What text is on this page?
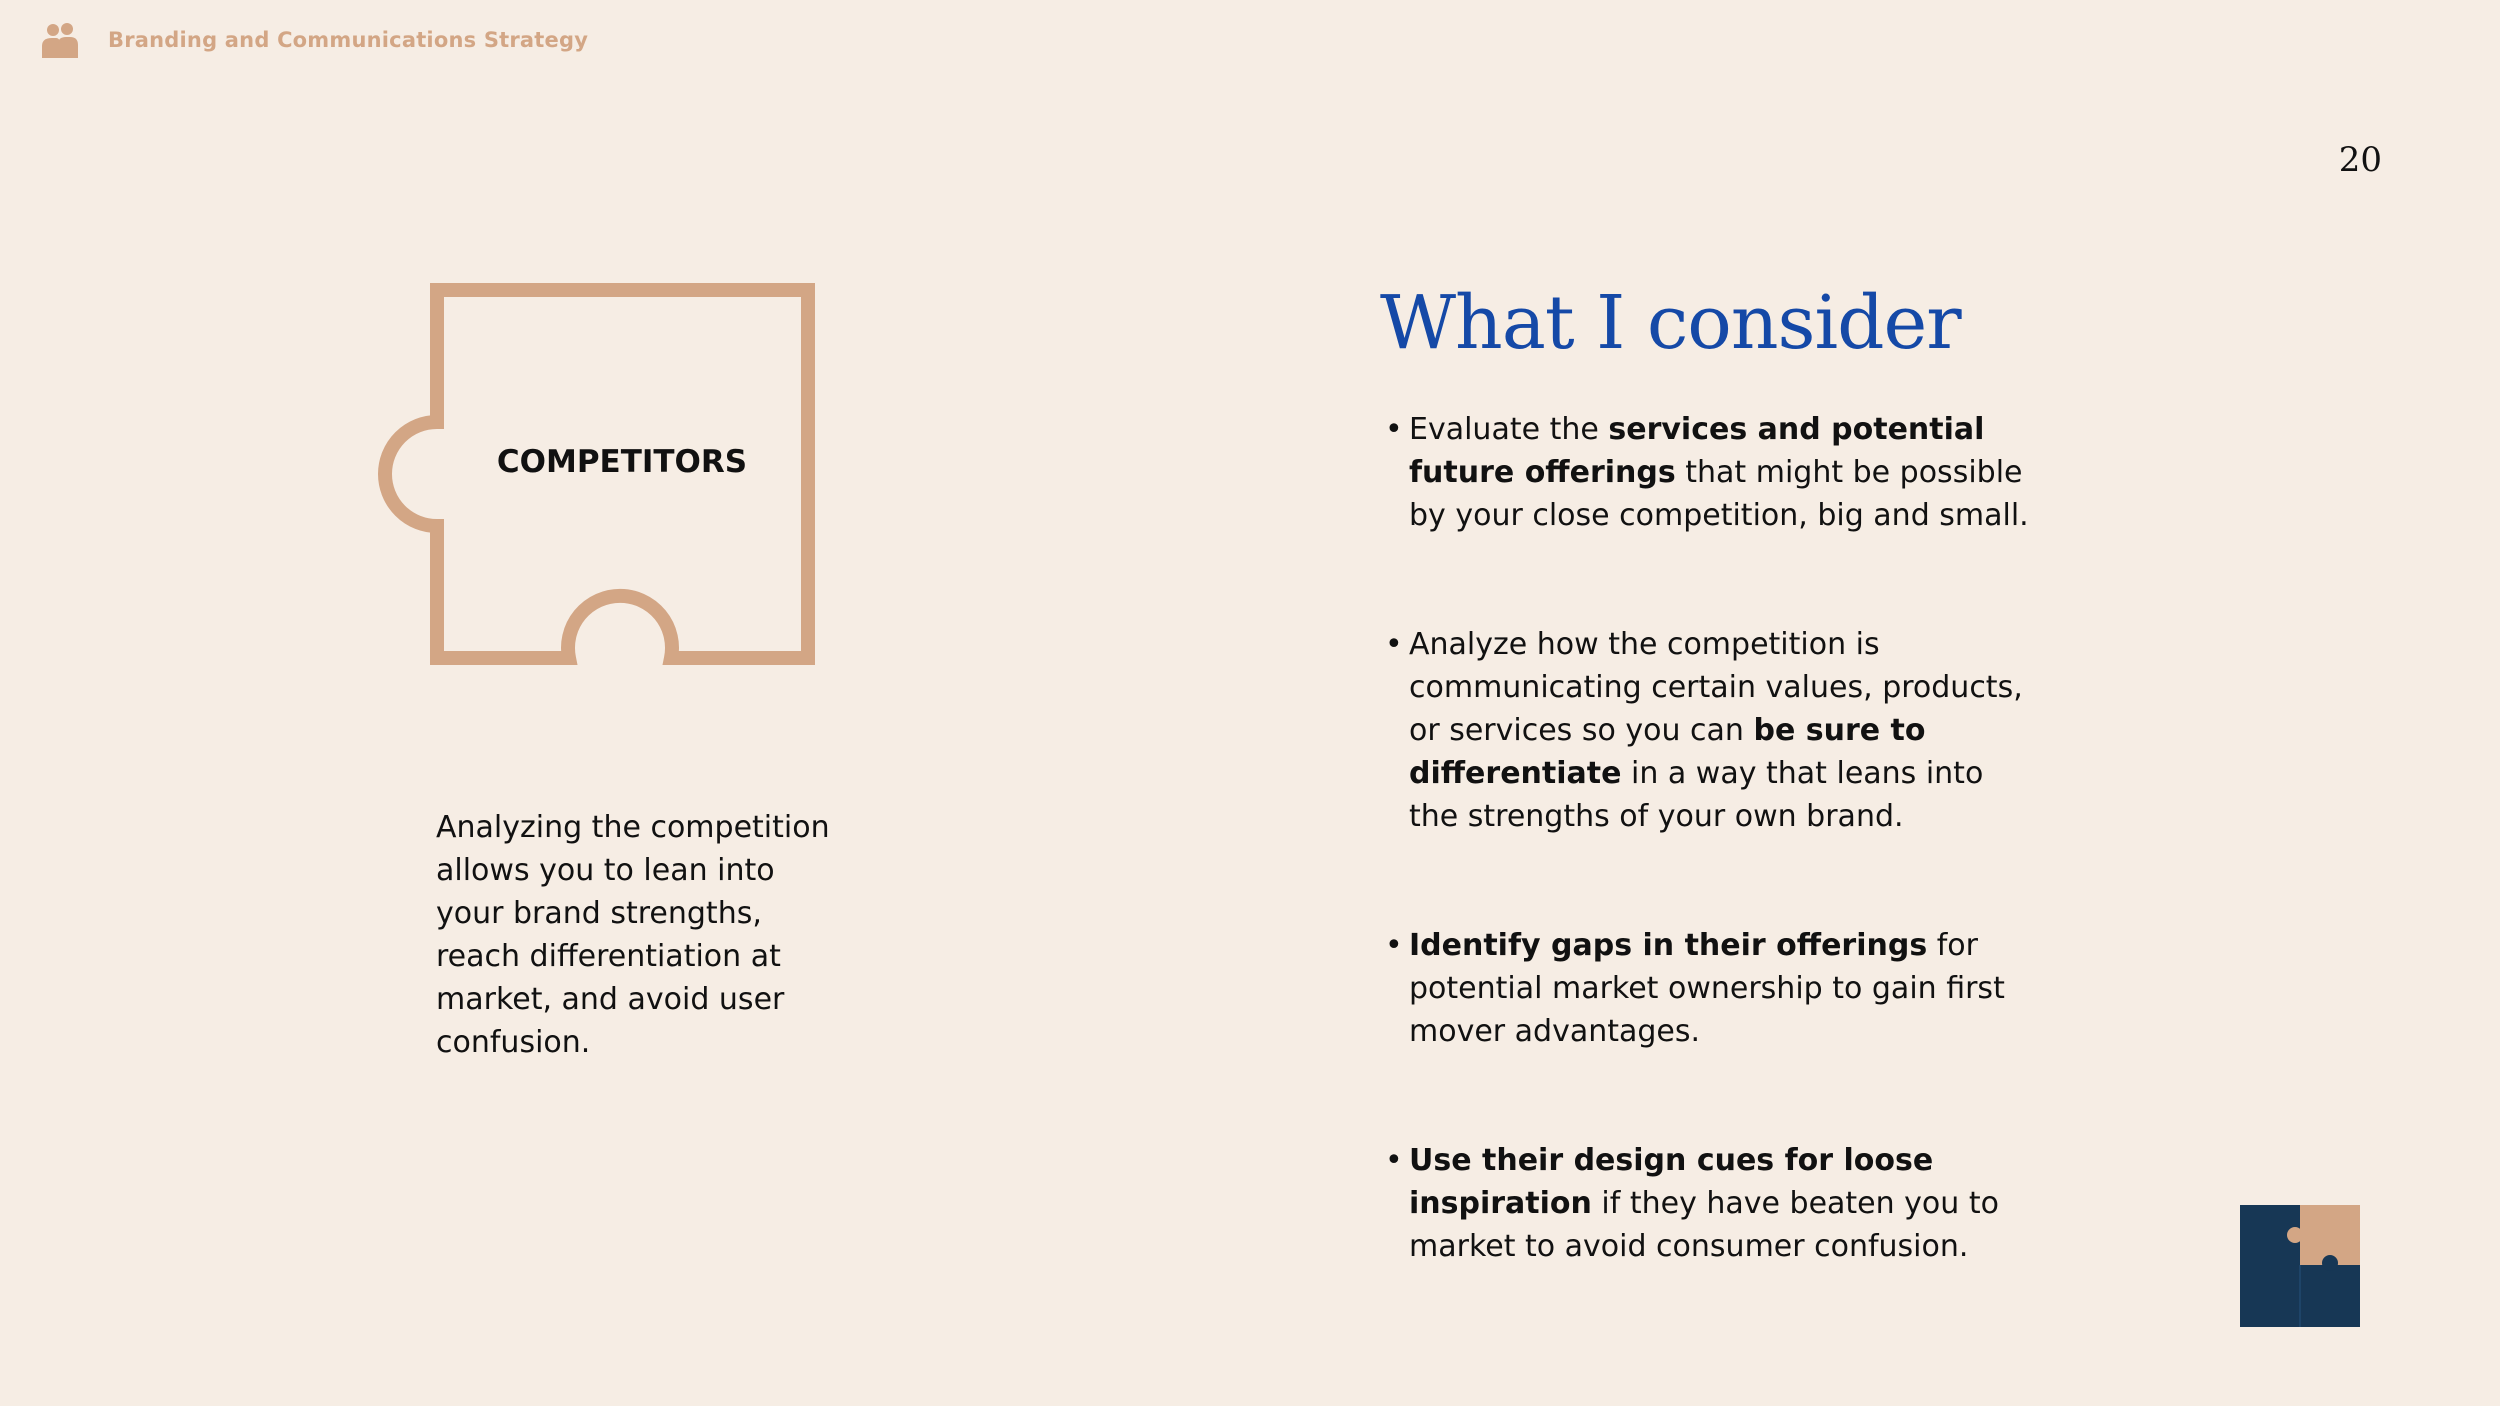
Branding and Communications Strategy
20
COMPETITORS
Analyzing the competition allows you to lean into your brand strengths, reach differentiation at market, and avoid user confusion.
What I consider
• Evaluate the services and potential future offerings that might be possible by your close competition, big and small.
• Analyze how the competition is communicating certain values, products, or services so you can be sure to differentiate in a way that leans into the strengths of your own brand.
• Identify gaps in their offerings for potential market ownership to gain first mover advantages.
• Use their design cues for loose inspiration if they have beaten you to market to avoid consumer confusion.
